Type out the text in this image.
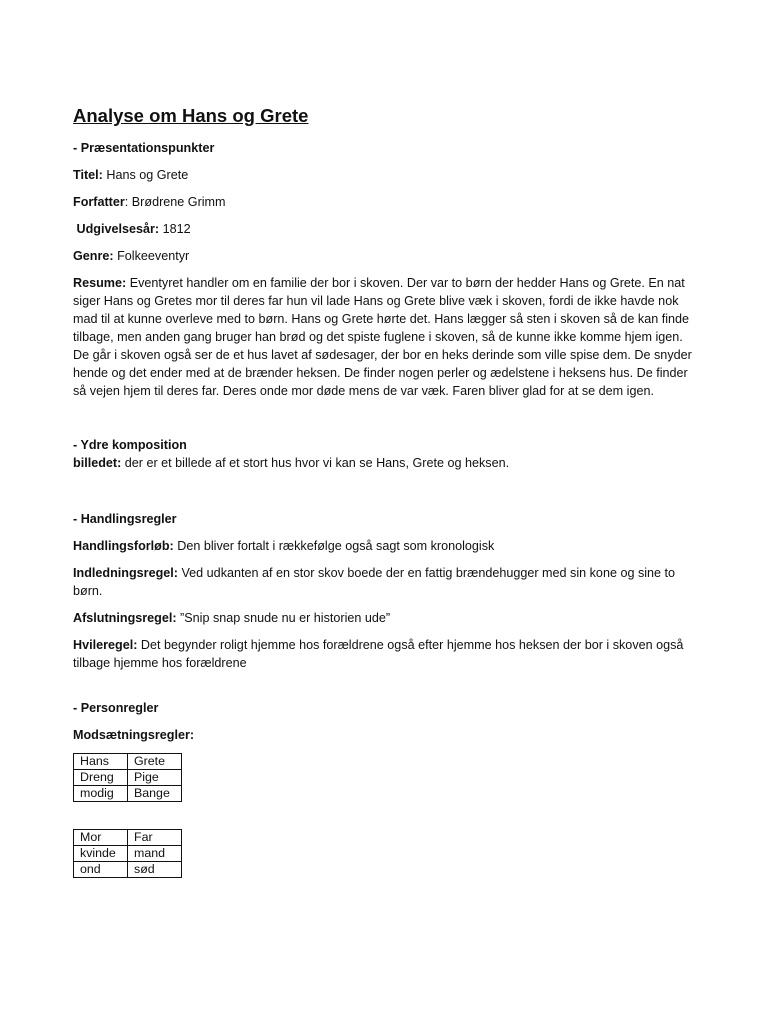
Analyse om Hans og Grete

- Præsentationspunkter

Titel: Hans og Grete

Forfatter: Brødrene Grimm

Udgivelsesår: 1812

Genre: Folkeeventyr

Resume: Eventyret handler om en familie der bor i skoven. Der var to børn der hedder Hans og Grete. En nat siger Hans og Gretes mor til deres far hun vil lade Hans og Grete blive væk i skoven, fordi de ikke havde nok mad til at kunne overleve med to børn. Hans og Grete hørte det. Hans lægger så sten i skoven så de kan finde tilbage, men anden gang bruger han brød og det spiste fuglene i skoven, så de kunne ikke komme hjem igen. De går i skoven også ser de et hus lavet af sødesager, der bor en heks derinde som ville spise dem. De snyder hende og det ender med at de brænder heksen. De finder nogen perler og ædelstene i heksens hus. De finder så vejen hjem til deres far. Deres onde mor døde mens de var væk. Faren bliver glad for at se dem igen.

- Ydre komposition

billedet: der er et billede af et stort hus hvor vi kan se Hans, Grete og heksen.

- Handlingsregler

Handlingsforløb: Den bliver fortalt i rækkefølge også sagt som kronologisk

Indledningsregel: Ved udkanten af en stor skov boede der en fattig brændehugger med sin kone og sine to børn.

Afslutningsregel: ”Snip snap snude nu er historien ude”

Hvileregel: Det begynder roligt hjemme hos forældrene også efter hjemme hos heksen der bor i skoven også tilbage hjemme hos forældrene

- Personregler

Modsætningsregler:

Hans	Grete
Dreng	Pige
modig	Bange
Mor	Far
kvinde	mand
ond	sød
